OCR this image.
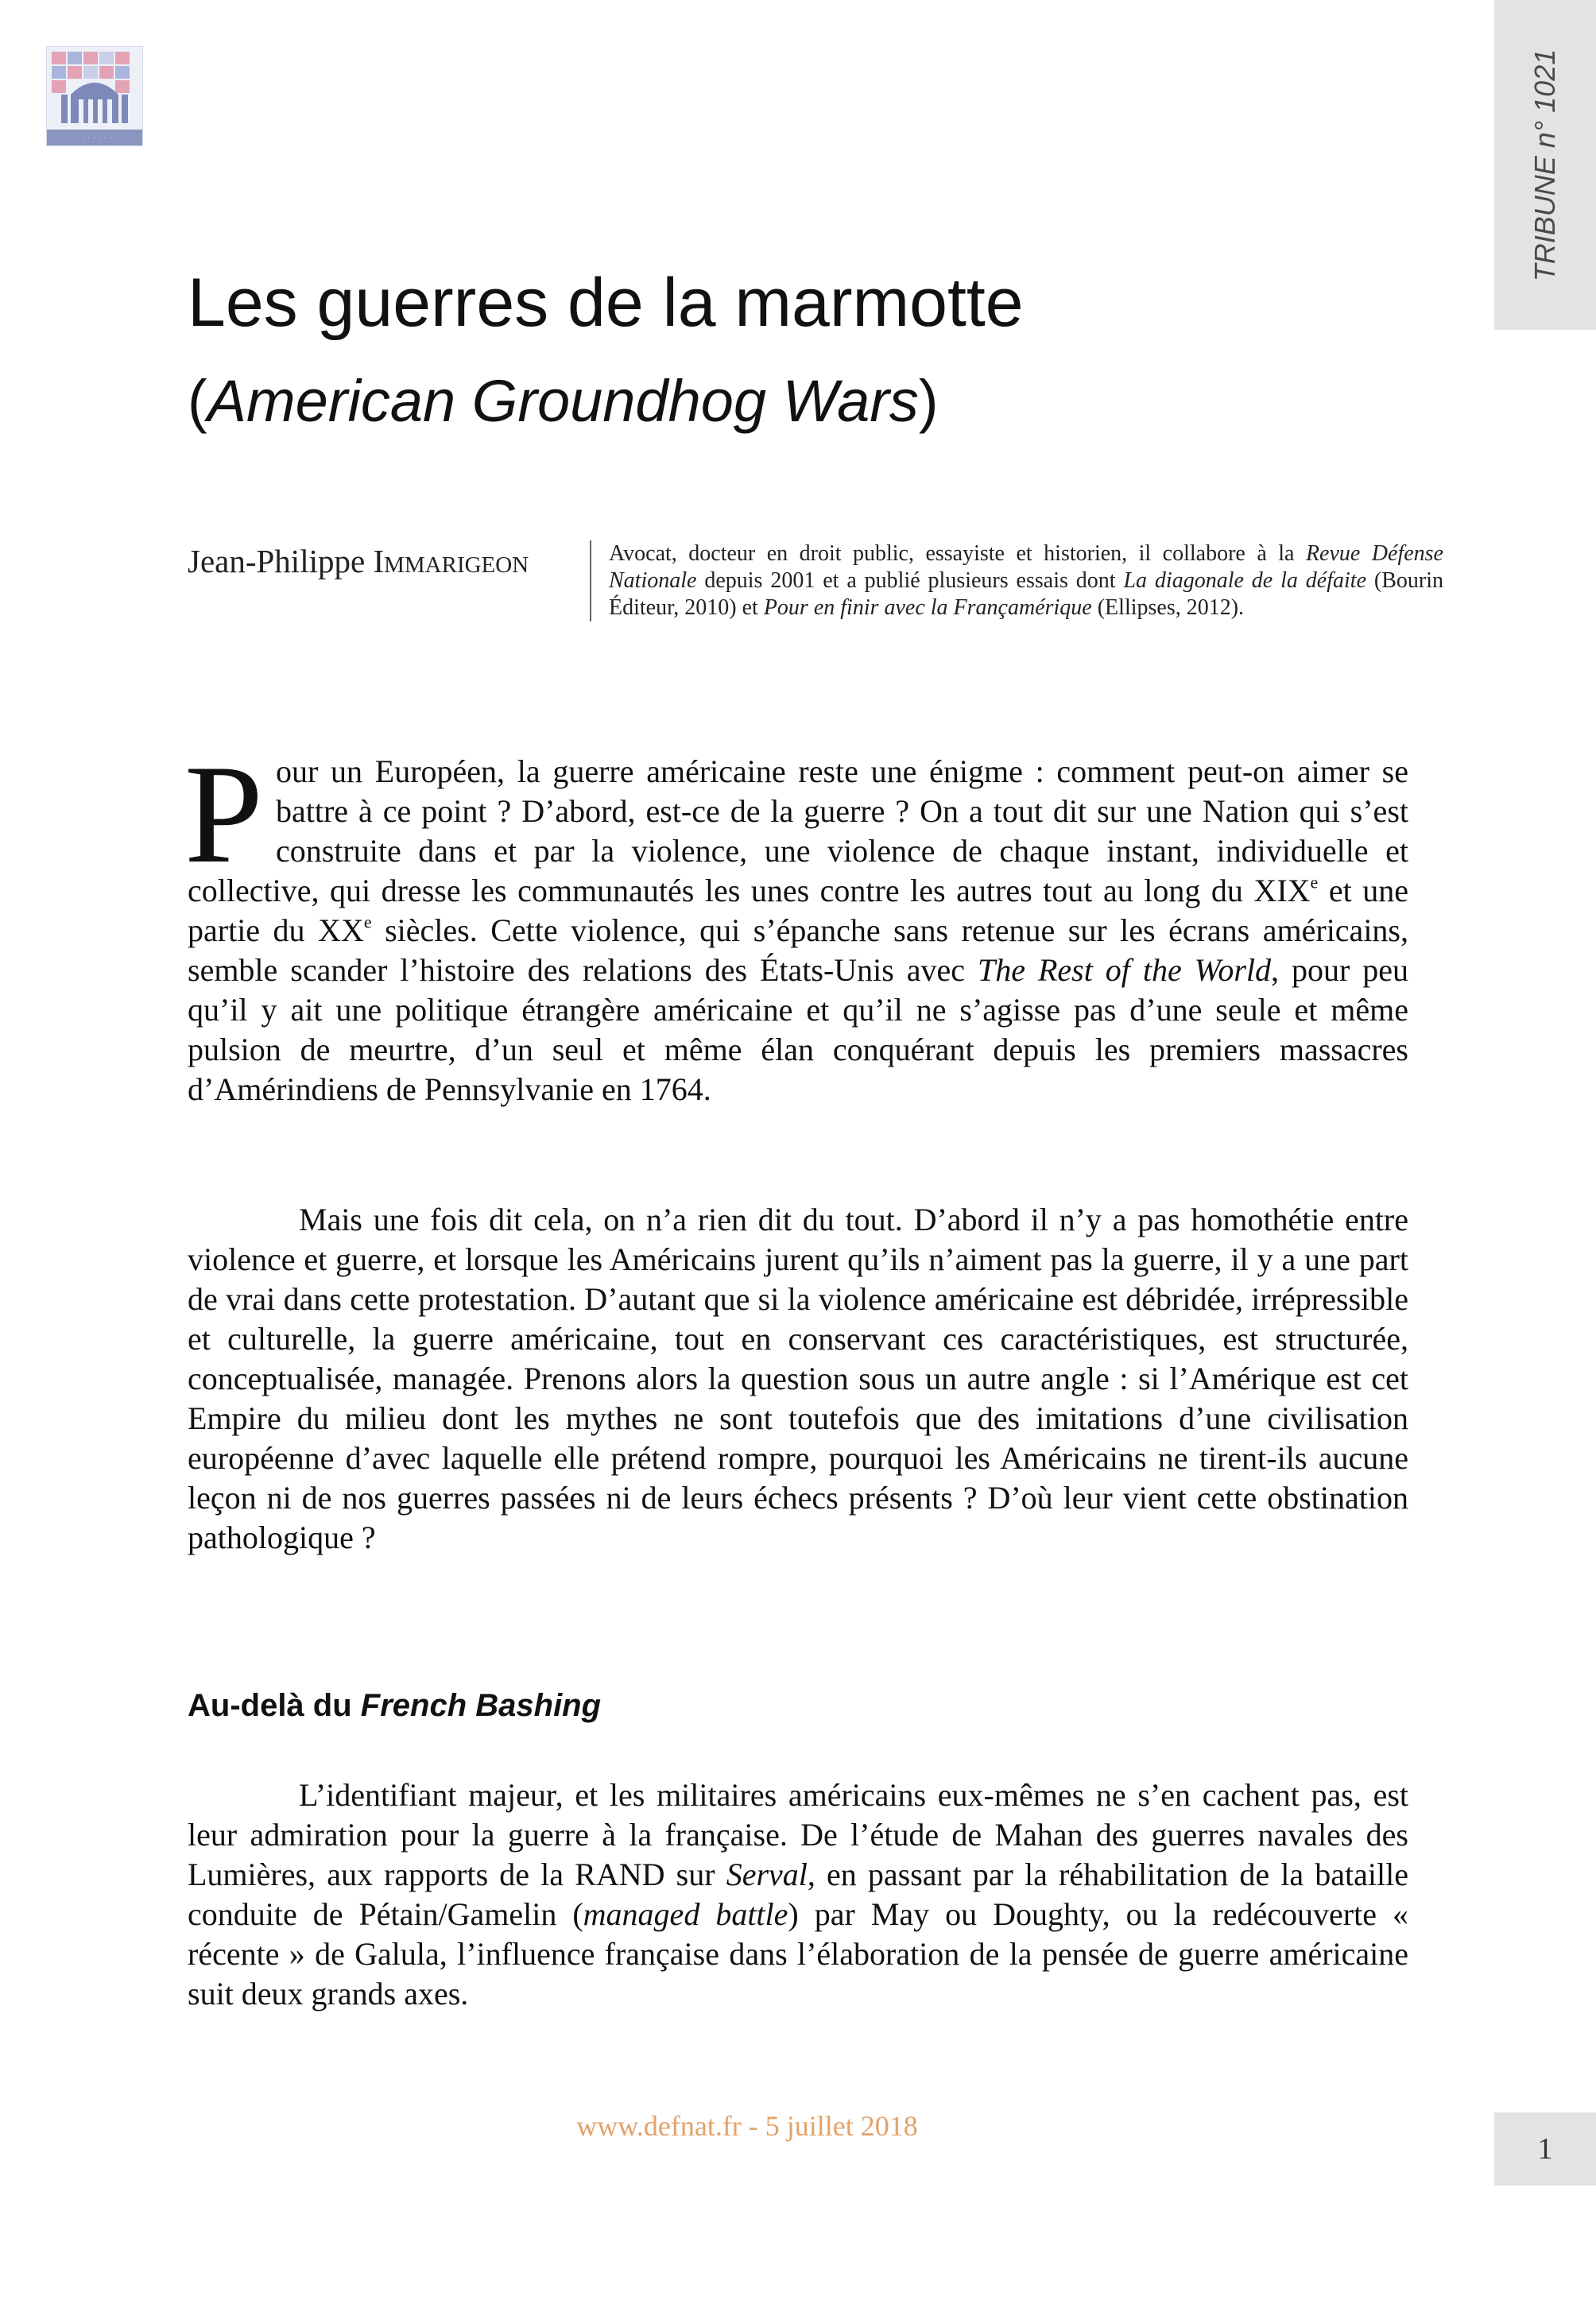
· · · · · · ·	TRIBUNE n° 1021
Les guerres de la marmotte
(American Groundhog Wars)
Jean-Philippe Immarigeon	Avocat, docteur en droit public, essayiste et historien, il collabore à la Revue Défense Nationale depuis 2001 et a publié plusieurs essais dont La diagonale de la défaite (Bourin Éditeur, 2010) et Pour en finir avec la Françamérique (Ellipses, 2012).

Pour un Européen, la guerre américaine reste une énigme : comment peut-on aimer se battre à ce point ? D’abord, est-ce de la guerre ? On a tout dit sur une Nation qui s’est construite dans et par la violence, une violence de chaque instant, individuelle et collective, qui dresse les communautés les unes contre les autres tout au long du XIXe et une partie du XXe siècles. Cette violence, qui s’épanche sans retenue sur les écrans américains, semble scander l’histoire des relations des États-Unis avec The Rest of the World, pour peu qu’il y ait une politique étrangère américaine et qu’il ne s’agisse pas d’une seule et même pulsion de meurtre, d’un seul et même élan conquérant depuis les premiers massacres d’Amérindiens de Pennsylvanie en 1764.

Mais une fois dit cela, on n’a rien dit du tout. D’abord il n’y a pas homothétie entre violence et guerre, et lorsque les Américains jurent qu’ils n’aiment pas la guerre, il y a une part de vrai dans cette protestation. D’autant que si la violence américaine est débridée, irrépressible et culturelle, la guerre américaine, tout en conservant ces caractéristiques, est structurée, conceptualisée, managée. Prenons alors la question sous un autre angle : si l’Amérique est cet Empire du milieu dont les mythes ne sont toutefois que des imitations d’une civilisation européenne d’avec laquelle elle prétend rompre, pourquoi les Américains ne tirent-ils aucune leçon ni de nos guerres passées ni de leurs échecs présents ? D’où leur vient cette obstination pathologique ?

Au-delà du French Bashing

L’identifiant majeur, et les militaires américains eux-mêmes ne s’en cachent pas, est leur admiration pour la guerre à la française. De l’étude de Mahan des guerres navales des Lumières, aux rapports de la RAND sur Serval, en passant par la réhabilitation de la bataille conduite de Pétain/Gamelin (managed battle) par May ou Doughty, ou la redécouverte « récente » de Galula, l’influence française dans l’élaboration de la pensée de guerre américaine suit deux grands axes.

www.defnat.fr - 5 juillet 2018
1
